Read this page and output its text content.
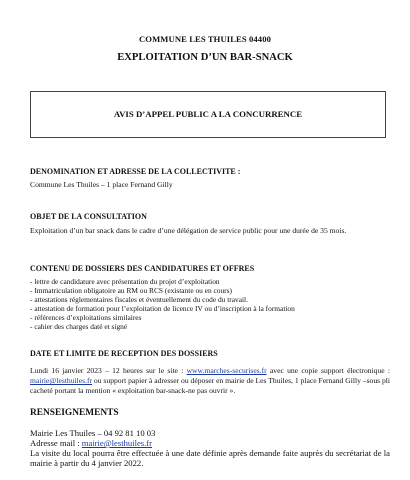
COMMUNE LES THUILES 04400
EXPLOITATION D’UN BAR-SNACK
AVIS D’APPEL PUBLIC A LA CONCURRENCE
DENOMINATION ET ADRESSE DE LA COLLECTIVITE :
Commune Les Thuiles – 1 place Fernand Gilly
OBJET DE LA CONSULTATION
Exploitation d’un bar snack dans le cadre d’une délégation de service public pour une durée de 35 mois.
CONTENU DE DOSSIERS DES CANDIDATURES ET OFFRES
- lettre de candidature avec présentation du projet d’exploitation
- Immatriculation obligatoire au RM ou RCS (existante ou en cours)
- attestations réglementaires fiscales et éventuellement du code du travail.
- attestation de formation pour l’exploitation de licence IV ou d’inscription à la formation
- références d’exploitations similaires
- cahier des charges daté et signé
DATE ET LIMITE DE RECEPTION DES DOSSIERS
Lundi 16 janvier 2023 – 12 heures sur le site : www.marches-securises.fr avec une copie support électronique : mairie@lesthuiles.fr ou support papier à adresser ou déposer en mairie de Les Thuiles, 1 place Fernand Gilly –sous pli cacheté portant la mention « exploitation bar-snack-ne pas ouvrir ».
RENSEIGNEMENTS
Mairie Les Thuiles – 04 92 81 10 03
Adresse mail : mairie@lesthuiles.fr
La visite du local pourra être effectuée à une date définie après demande faite auprès du secrétariat de la mairie à partir du 4 janvier 2022.
